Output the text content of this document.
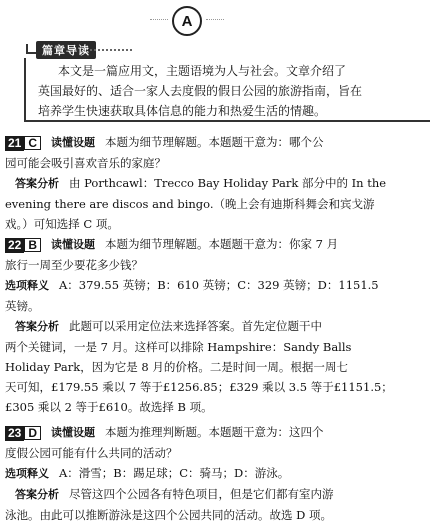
A
篇章导读
本文是一篇应用文，主题语境为人与社会。文章介绍了
英国最好的、适合一家人去度假的假日公园的旅游指南，旨在
培养学生快速获取具体信息的能力和热爱生活的情趣。
21 C 读懂设题 本题为细节理解题。本题题干意为：哪个公
园可能会吸引喜欢音乐的家庭？
答案分析 由 Porthcawl：Trecco Bay Holiday Park 部分中的 In the
evening there are discos and bingo.（晚上会有迪斯科舞会和宾戈游
戏。）可知选择 C 项。
22 B 读懂设题 本题为细节理解题。本题题干意为：你家 7 月
旅行一周至少要花多少钱？
选项释义 A：379.55 英镑；B：610 英镑；C：329 英镑；D：1151.5
英镑。
答案分析 此题可以采用定位法来选择答案。首先定位题干中
两个关键词，一是 7 月。这样可以排除 Hampshire：Sandy Balls
Holiday Park，因为它是 8 月的价格。二是时间一周。根据一周七
天可知，£179.55 乘以 7 等于£1256.85；£329 乘以 3.5 等于£1151.5；
£305 乘以 2 等于£610。故选择 B 项。
23 D 读懂设题 本题为推理判断题。本题题干意为：这四个
度假公园可能有什么共同的活动？
选项释义 A：滑雪；B：踢足球；C：骑马；D：游泳。
答案分析 尽管这四个公园各有特色项目，但是它们都有室内游
泳池。由此可以推断游泳是这四个公园共同的活动。故选 D 项。
